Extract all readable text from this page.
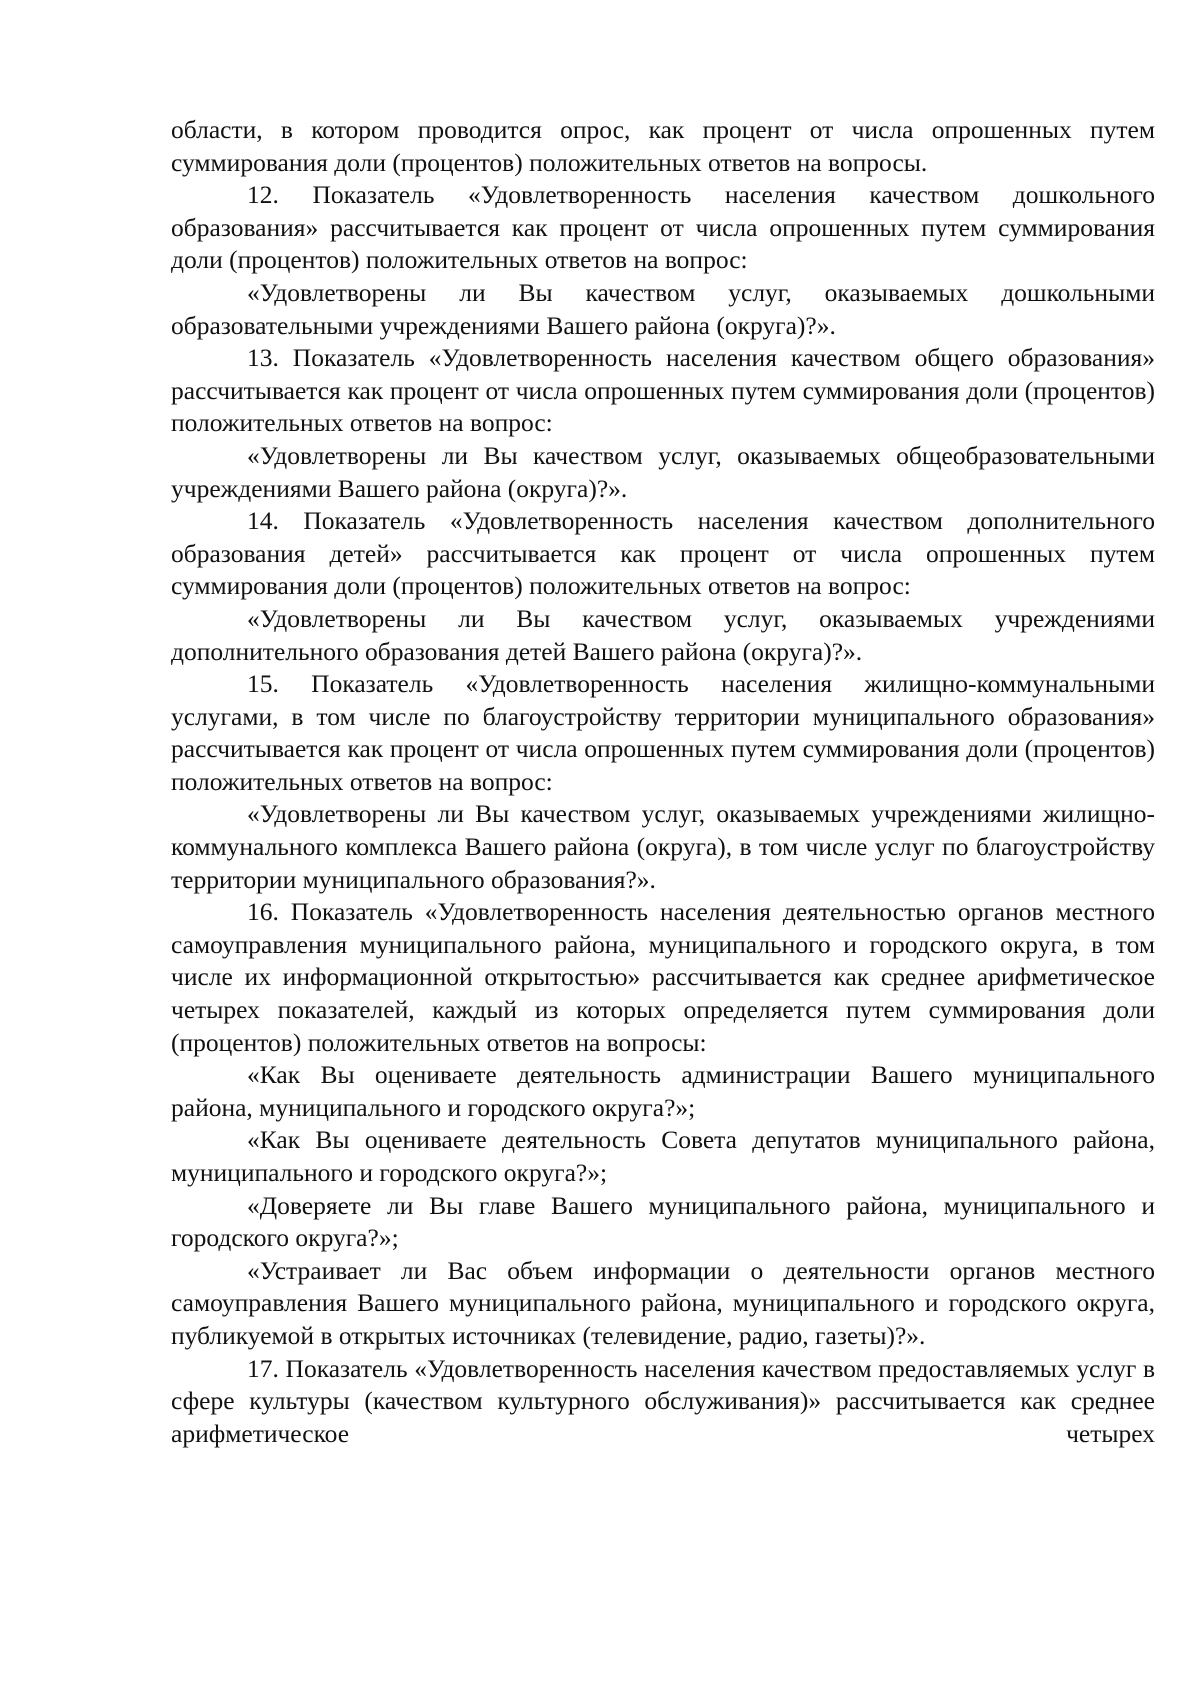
области, в котором проводится опрос, как процент от числа опрошенных путем суммирования доли (процентов) положительных ответов на вопросы.

12. Показатель «Удовлетворенность населения качеством дошкольного образования» рассчитывается как процент от числа опрошенных путем суммирования доли (процентов) положительных ответов на вопрос:

«Удовлетворены ли Вы качеством услуг, оказываемых дошкольными образовательными учреждениями Вашего района (округа)?».

13. Показатель «Удовлетворенность населения качеством общего образования» рассчитывается как процент от числа опрошенных путем суммирования доли (процентов) положительных ответов на вопрос:

«Удовлетворены ли Вы качеством услуг, оказываемых общеобразовательными учреждениями Вашего района (округа)?».

14. Показатель «Удовлетворенность населения качеством дополнительного образования детей» рассчитывается как процент от числа опрошенных путем суммирования доли (процентов) положительных ответов на вопрос:

«Удовлетворены ли Вы качеством услуг, оказываемых учреждениями дополнительного образования детей Вашего района (округа)?».

15. Показатель «Удовлетворенность населения жилищно-коммунальными услугами, в том числе по благоустройству территории муниципального образования» рассчитывается как процент от числа опрошенных путем суммирования доли (процентов) положительных ответов на вопрос:

«Удовлетворены ли Вы качеством услуг, оказываемых учреждениями жилищно-коммунального комплекса Вашего района (округа), в том числе услуг по благоустройству территории муниципального образования?».

16. Показатель «Удовлетворенность населения деятельностью органов местного самоуправления муниципального района, муниципального и городского округа, в том числе их информационной открытостью» рассчитывается как среднее арифметическое четырех показателей, каждый из которых определяется путем суммирования доли (процентов) положительных ответов на вопросы:

«Как Вы оцениваете деятельность администрации Вашего муниципального района, муниципального и городского округа?»;

«Как Вы оцениваете деятельность Совета депутатов муниципального района, муниципального и городского округа?»;

«Доверяете ли Вы главе Вашего муниципального района, муниципального и городского округа?»;

«Устраивает ли Вас объем информации о деятельности органов местного самоуправления Вашего муниципального района, муниципального и городского округа, публикуемой в открытых источниках (телевидение, радио, газеты)?».

17. Показатель «Удовлетворенность населения качеством предоставляемых услуг в сфере культуры (качеством культурного обслуживания)» рассчитывается как среднее арифметическое четырех
